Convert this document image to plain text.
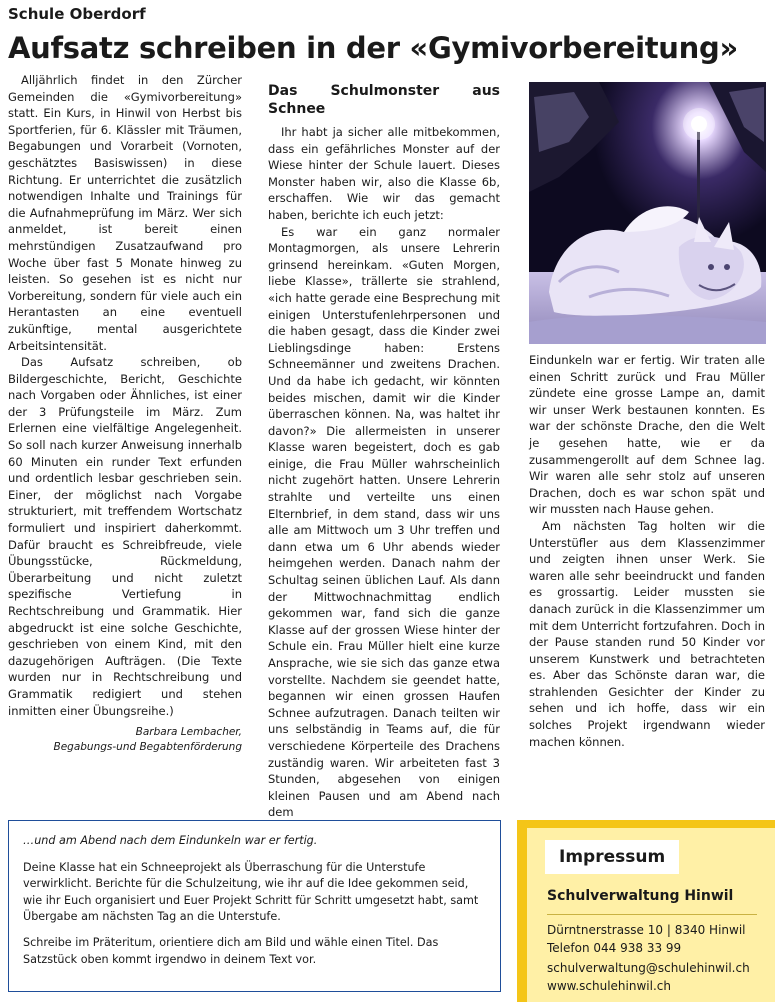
Schule Oberdorf
Aufsatz schreiben in der «Gymivorbereitung»

Alljährlich findet in den Zürcher Gemeinden die «Gymivorbereitung» statt. Ein Kurs, in Hinwil von Herbst bis Sportferien, für 6. Klässler mit Träumen, Begabungen und Vorarbeit (Vornoten, geschätztes Basiswissen) in diese Richtung. Er unterrichtet die zusätzlich notwendigen Inhalte und Trainings für die Aufnahmeprüfung im März. Wer sich anmeldet, ist bereit einen mehrstündigen Zusatzaufwand pro Woche über fast 5 Monate hinweg zu leisten. So gesehen ist es nicht nur Vorbereitung, sondern für viele auch ein Herantasten an eine eventuell zukünftige, mental ausgerichtete Arbeitsintensität.

Das Aufsatz schreiben, ob Bildergeschichte, Bericht, Geschichte nach Vorgaben oder Ähnliches, ist einer der 3 Prüfungsteile im März. Zum Erlernen eine vielfältige Angelegenheit. So soll nach kurzer Anweisung innerhalb 60 Minuten ein runder Text erfunden und ordentlich lesbar geschrieben sein. Einer, der möglichst nach Vorgabe strukturiert, mit treffendem Wortschatz formuliert und inspiriert daherkommt. Dafür braucht es Schreibfreude, viele Übungsstücke, Rückmeldung, Überarbeitung und nicht zuletzt spezifische Vertiefung in Rechtschreibung und Grammatik. Hier abgedruckt ist eine solche Geschichte, geschrieben von einem Kind, mit den dazugehörigen Aufträgen. (Die Texte wurden nur in Rechtschreibung und Grammatik redigiert und stehen inmitten einer Übungsreihe.)

Barbara Lembacher,
Begabungs-und Begabtenförderung
Das Schulmonster aus Schnee

Ihr habt ja sicher alle mitbekommen, dass ein gefährliches Monster auf der Wiese hinter der Schule lauert. Dieses Monster haben wir, also die Klasse 6b, erschaffen. Wie wir das gemacht haben, berichte ich euch jetzt:

Es war ein ganz normaler Montagmorgen, als unsere Lehrerin grinsend hereinkam. «Guten Morgen, liebe Klasse», trällerte sie strahlend, «ich hatte gerade eine Besprechung mit einigen Unterstufenlehrpersonen und die haben gesagt, dass die Kinder zwei Lieblingsdinge haben: Erstens Schneemänner und zweitens Drachen. Und da habe ich gedacht, wir könnten beides mischen, damit wir die Kinder überraschen können. Na, was haltet ihr davon?» Die allermeisten in unserer Klasse waren begeistert, doch es gab einige, die Frau Müller wahrscheinlich nicht zugehört hatten. Unsere Lehrerin strahlte und verteilte uns einen Elternbrief, in dem stand, dass wir uns alle am Mittwoch um 3 Uhr treffen und dann etwa um 6 Uhr abends wieder heimgehen werden. Danach nahm der Schultag seinen üblichen Lauf. Als dann der Mittwochnachmittag endlich gekommen war, fand sich die ganze Klasse auf der grossen Wiese hinter der Schule ein. Frau Müller hielt eine kurze Ansprache, wie sie sich das ganze etwa vorstellte. Nachdem sie geendet hatte, begannen wir einen grossen Haufen Schnee aufzutragen. Danach teilten wir uns selbständig in Teams auf, die für verschiedene Körperteile des Drachens zuständig waren. Wir arbeiteten fast 3 Stunden, abgesehen von einigen kleinen Pausen und am Abend nach dem

Eindunkeln war er fertig. Wir traten alle einen Schritt zurück und Frau Müller zündete eine grosse Lampe an, damit wir unser Werk bestaunen konnten. Es war der schönste Drache, den die Welt je gesehen hatte, wie er da zusammengerollt auf dem Schnee lag. Wir waren alle sehr stolz auf unseren Drachen, doch es war schon spät und wir mussten nach Hause gehen.

Am nächsten Tag holten wir die Unterstüfler aus dem Klassenzimmer und zeigten ihnen unser Werk. Sie waren alle sehr beeindruckt und fanden es grossartig. Leider mussten sie danach zurück in die Klassenzimmer um mit dem Unterricht fortzufahren. Doch in der Pause standen rund 50 Kinder vor unserem Kunstwerk und betrachteten es. Aber das Schönste daran war, die strahlenden Gesichter der Kinder zu sehen und ich hoffe, dass wir ein solches Projekt irgendwann wieder machen können.

…und am Abend nach dem Eindunkeln war er fertig.

Deine Klasse hat ein Schneeprojekt als Überraschung für die Unterstufe verwirklicht. Berichte für die Schulzeitung, wie ihr auf die Idee gekommen seid, wie ihr Euch organisiert und Euer Projekt Schritt für Schritt umgesetzt habt, samt Übergabe am nächsten Tag an die Unterstufe.

Schreibe im Präteritum, orientiere dich am Bild und wähle einen Titel. Das Satzstück oben kommt irgendwo in deinem Text vor.

Impressum
Schulverwaltung Hinwil
Dürntnerstrasse 10 | 8340 Hinwil
Telefon 044 938 33 99
schulverwaltung@schulehinwil.ch
www.schulehinwil.ch
